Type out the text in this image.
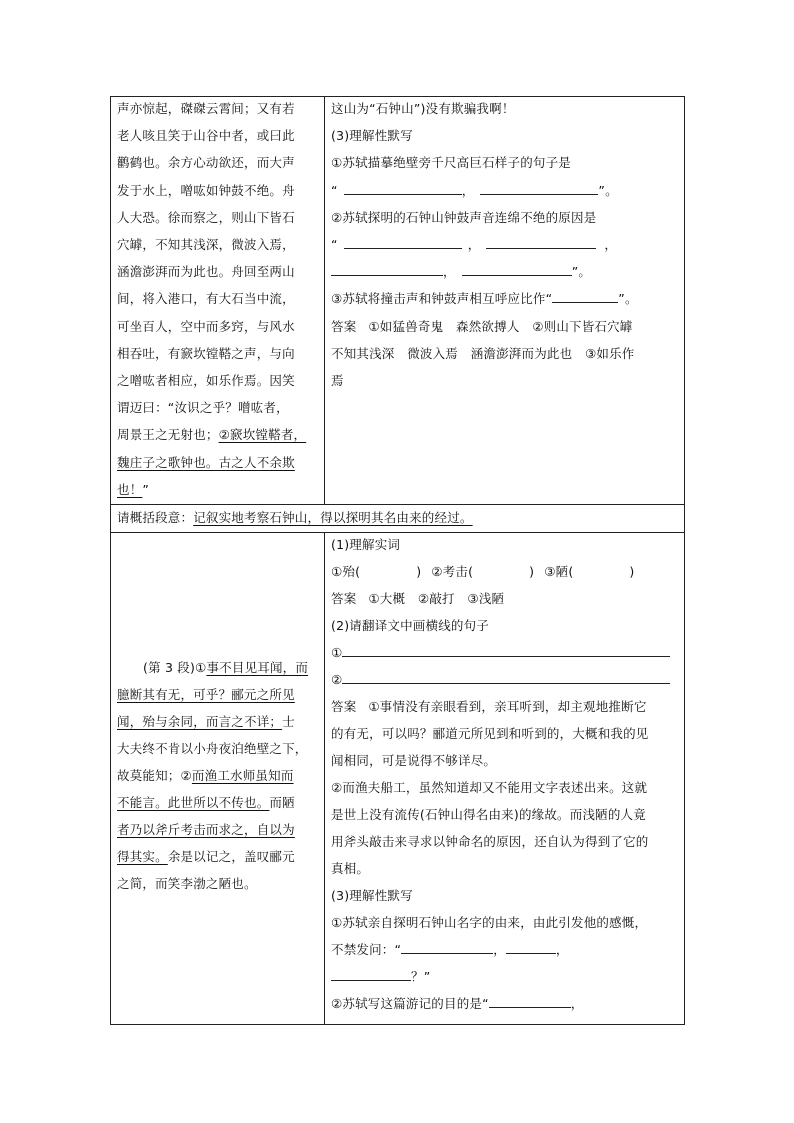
声亦惊起，磔磔云霄间；又有若
老人咳且笑于山谷中者，或曰此
鹳鹤也。余方心动欲还，而大声
发于水上，噌吰如钟鼓不绝。舟
人大恐。徐而察之，则山下皆石
穴罅，不知其浅深，微波入焉，
涵澹澎湃而为此也。舟回至两山
间，将入港口，有大石当中流，
可坐百人，空中而多窍，与风水
相吞吐，有窾坎镗鞳之声，与向
之噌吰者相应，如乐作焉。因笑
谓迈曰：“汝识之乎？噌吰者，
周景王之无射也；②窾坎镗鞳者，
魏庄子之歌钟也。古之人不余欺
也！”
这山为“石钟山”)没有欺骗我啊！
(3)理解性默写
①苏轼描摹绝壁旁千尺高巨石样子的句子是
“	，	”。
②苏轼探明的石钟山钟鼓声音连绵不绝的原因是
“	，	，
，	”。
③苏轼将撞击声和钟鼓声相互呼应比作“	”。
答案 ①如猛兽奇鬼　森然欲搏人　②则山下皆石穴罅
不知其浅深　微波入焉　涵澹澎湃而为此也　③如乐作
焉
请概括段意：记叙实地考察石钟山，得以探明其名由来的经过。
(第 3 段)①事不目见耳闻，而
臆断其有无，可乎？郦元之所见
闻，殆与余同，而言之不详；士
大夫终不肯以小舟夜泊绝壁之下，
故莫能知；②而渔工水师虽知而
不能言。此世所以不传也。而陋
者乃以斧斤考击而求之，自以为
得其实。余是以记之，盖叹郦元
之简，而笑李渤之陋也。
(1)理解实词
①殆(	) ②考击(	) ③陋(	)
答案 ①大概　②敲打　③浅陋
(2)请翻译文中画横线的句子
①
②
答案 ①事情没有亲眼看到，亲耳听到，却主观地推断它
的有无，可以吗？郦道元所见到和听到的，大概和我的见
闻相同，可是说得不够详尽。
②而渔夫船工，虽然知道却又不能用文字表述出来。这就
是世上没有流传(石钟山得名由来)的缘故。而浅陋的人竟
用斧头敲击来寻求以钟命名的原因，还自认为得到了它的
真相。
(3)理解性默写
①苏轼亲自探明石钟山名字的由来，由此引发他的感慨，
不禁发问：“	，	，
？”
②苏轼写这篇游记的目的是“	，
